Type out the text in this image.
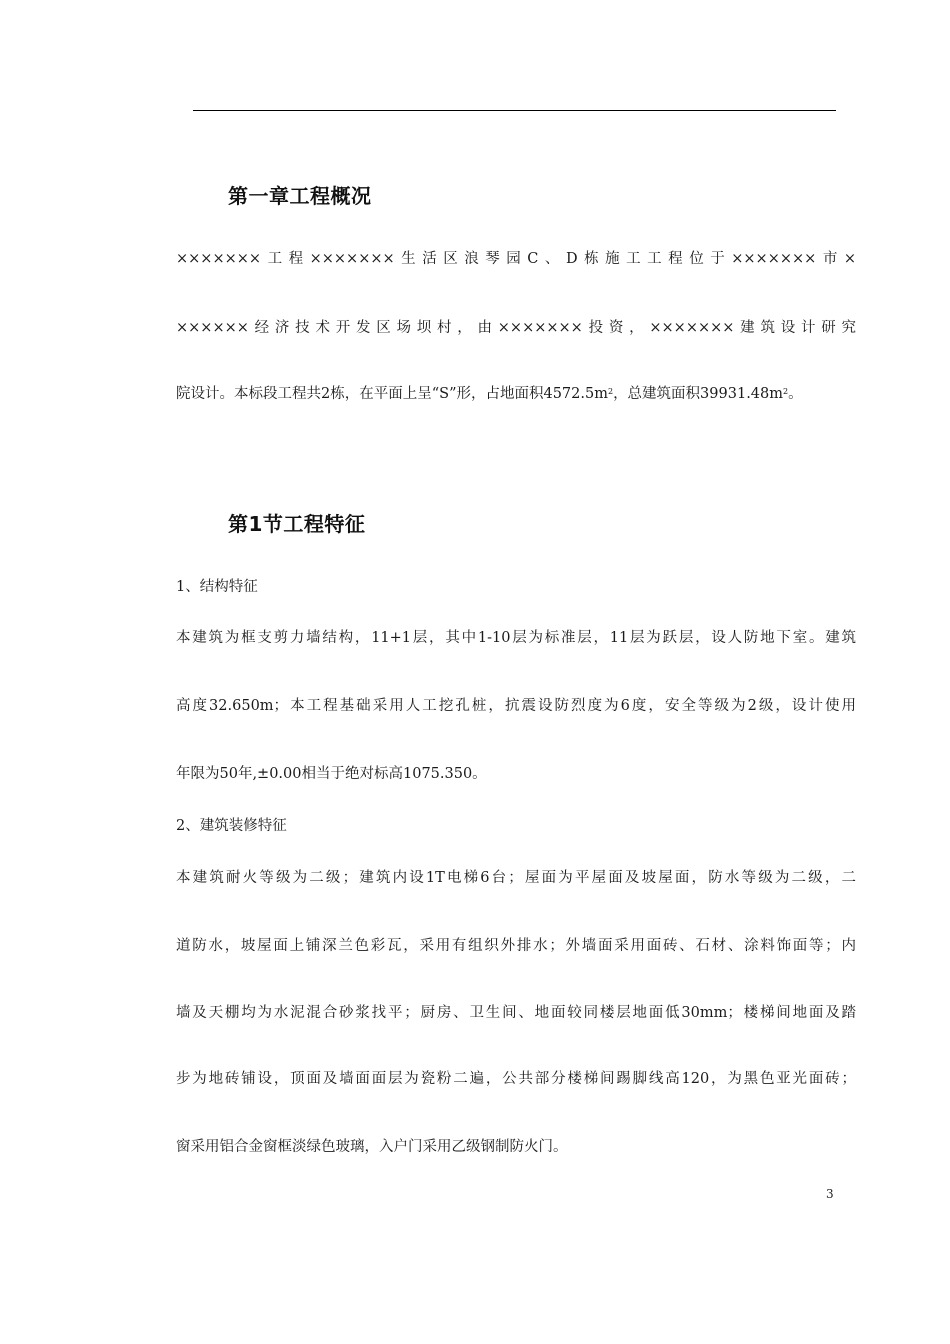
第一章工程概况
×××××××工程×××××××生活区浪琴园C、D栋施工工程位于×××××××市×
××××××经济技术开发区场坝村，由×××××××投资，×××××××建筑设计研究
院设计。本标段工程共2栋，在平面上呈“S”形，占地面积$4572.5m^2$，总建筑面积$39931.48m^2$。
第1节工程特征
1、结构特征
本建筑为框支剪力墙结构，11+1层，其中1-10层为标准层，11层为跃层，设人防地下室。建筑
高度32.650m；本工程基础采用人工挖孔桩，抗震设防烈度为6度，安全等级为2级，设计使用
年限为50年,±0.00相当于绝对标高1075.350。
2、建筑装修特征
本建筑耐火等级为二级；建筑内设1T电梯6台；屋面为平屋面及坡屋面，防水等级为二级，二
道防水，坡屋面上铺深兰色彩瓦，采用有组织外排水；外墙面采用面砖、石材、涂料饰面等；内
墙及天棚均为水泥混合砂浆找平；厨房、卫生间、地面较同楼层地面低30mm；楼梯间地面及踏
步为地砖铺设，顶面及墙面面层为瓷粉二遍，公共部分楼梯间踢脚线高120，为黑色亚光面砖；
窗采用铝合金窗框淡绿色玻璃，入户门采用乙级钢制防火门。
3
